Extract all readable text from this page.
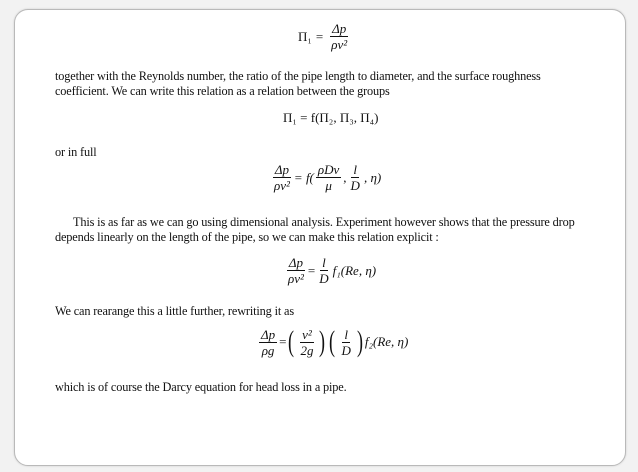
$\Pi_1 = \frac{\Delta p}{\text{ρv²}}$

together with the Reynolds number, the ratio of the pipe length to diameter, and the surface roughness coefficient. We can write this relation as a relation between the groups

Π₁ = f(Π₂, Π₃, Π₄)

or in full

$\frac{\Delta p}{\text{ρv²}} = f( \frac{\text{ρDv}}{\mu}$ , $\frac{l}{D}$ , η)

This is as far as we can go using dimensional analysis. Experiment however shows that the pressure drop depends linearly on the length of the pipe, so we can make this relation explicit :

$\frac{\Delta p}{\text{ρv²}} = \frac{l}{D} f_1(Re$, η)

We can rearange this a little further, rewriting it as

$\frac{\Delta p}{\rho g}$ = ( $\frac{\text{v²}}{2g}$ ) ( $\frac{l}{D}$ ) f₂(Re, η)

which is of course the Darcy equation for head loss in a pipe.
